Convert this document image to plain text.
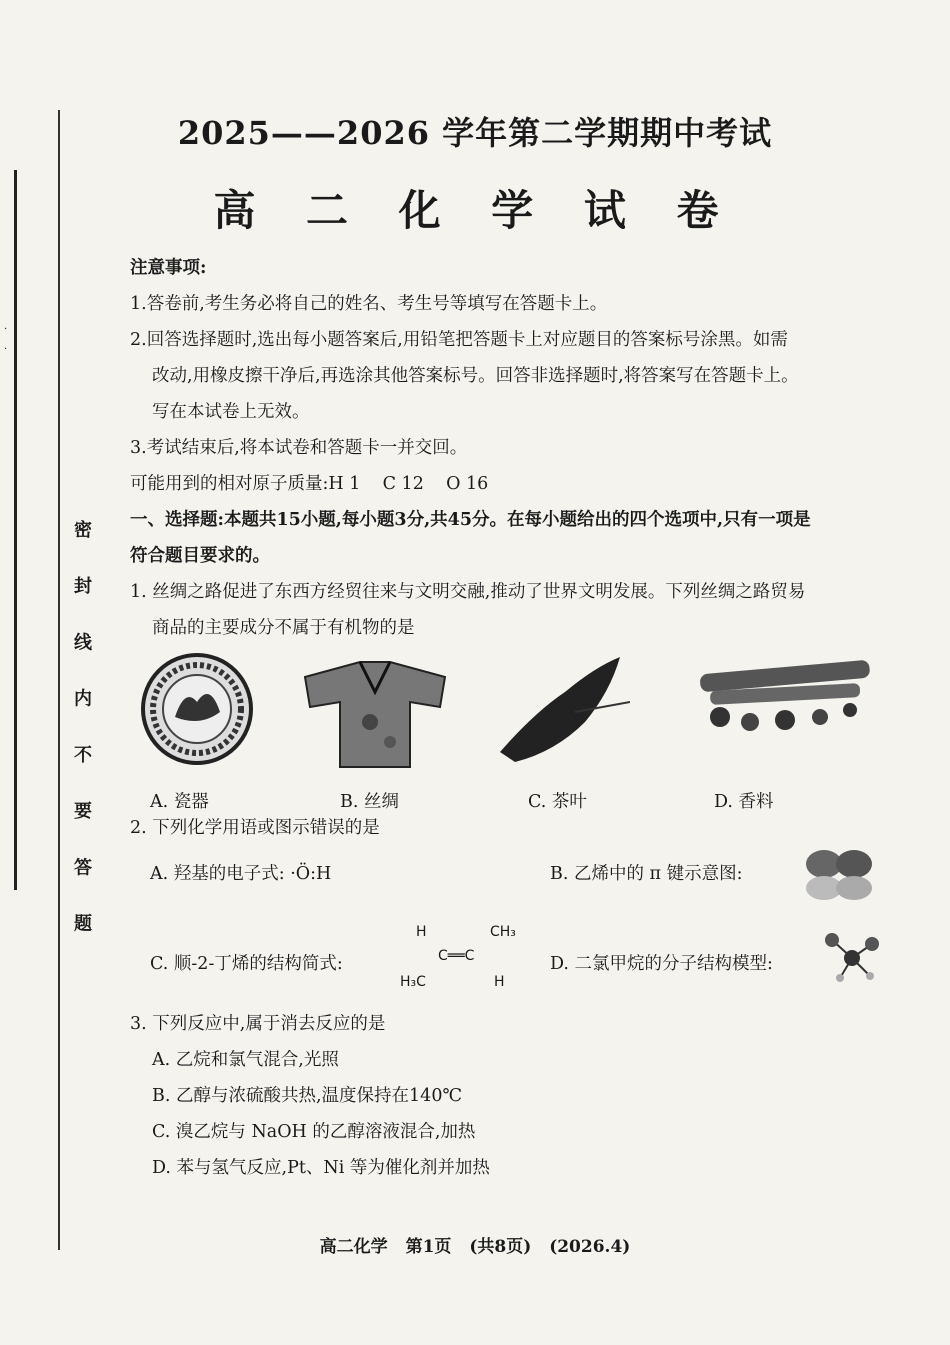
·
·
密 封 线 内 不 要 答 题
2025——2026 学年第二学期期中考试
高 二 化 学 试 卷

注意事项:

1.答卷前,考生务必将自己的姓名、考生号等填写在答题卡上。

2.回答选择题时,选出每小题答案后,用铅笔把答题卡上对应题目的答案标号涂黑。如需

改动,用橡皮擦干净后,再选涂其他答案标号。回答非选择题时,将答案写在答题卡上。

写在本试卷上无效。

3.考试结束后,将本试卷和答题卡一并交回。

可能用到的相对原子质量:H 1    C 12    O 16

一、选择题:本题共15小题,每小题3分,共45分。在每小题给出的四个选项中,只有一项是

符合题目要求的。

1. 丝绸之路促进了东西方经贸往来与文明交融,推动了世界文明发展。下列丝绸之路贸易

商品的主要成分不属于有机物的是

A. 瓷器	B. 丝绸	C. 茶叶	D. 香料

2. 下列化学用语或图示错误的是

A. 羟基的电子式: ·Ö:H	B. 乙烯中的 π 键示意图:
C. 顺-2-丁烯的结构简式:
H	CH₃
C══C
H₃C	H
D. 二氯甲烷的分子结构模型:

3. 下列反应中,属于消去反应的是

A. 乙烷和氯气混合,光照

B. 乙醇与浓硫酸共热,温度保持在140℃

C. 溴乙烷与 NaOH 的乙醇溶液混合,加热

D. 苯与氢气反应,Pt、Ni 等为催化剂并加热

高二化学 第1页 (共8页) (2026.4)
